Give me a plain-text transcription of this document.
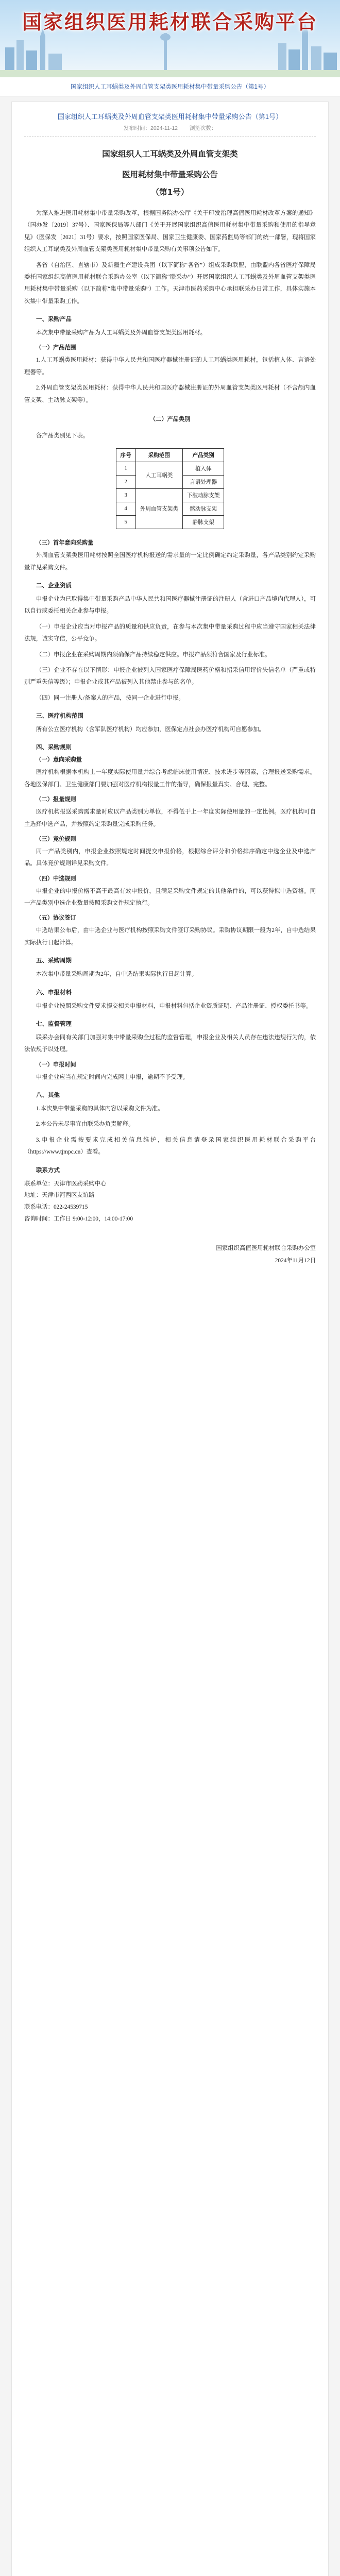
国家组织医用耗材联合采购平台
国家组织人工耳蜗类及外周血管支架类医用耗材集中带量采购公告（第1号）
国家组织人工耳蜗类及外周血管支架类医用耗材集中带量采购公告（第1号）
发布时间：2024-11-12 浏览次数：
国家组织人工耳蜗类及外周血管支架类
医用耗材集中带量采购公告
（第1号）

为深入推进医用耗材集中带量采购改革，根据国务院办公厅《关于印发治理高值医用耗材改革方案的通知》（国办发〔2019〕37号）、国家医保局等八部门《关于开展国家组织高值医用耗材集中带量采购和使用的指导意见》（医保发〔2021〕31号）要求，按照国家医保局、国家卫生健康委、国家药监局等部门的统一部署，现将国家组织人工耳蜗类及外周血管支架类医用耗材集中带量采购有关事项公告如下。

各省（自治区、直辖市）及新疆生产建设兵团（以下简称“各省”）组成采购联盟，由联盟内各省医疗保障局委托国家组织高值医用耗材联合采购办公室（以下简称“联采办”）开展国家组织人工耳蜗类及外周血管支架类医用耗材集中带量采购（以下简称“集中带量采购”）工作。天津市医药采购中心承担联采办日常工作，具体实施本次集中带量采购工作。

一、采购产品

本次集中带量采购产品为人工耳蜗类及外周血管支架类医用耗材。

（一）产品范围

1.人工耳蜗类医用耗材：获得中华人民共和国医疗器械注册证的人工耳蜗类医用耗材，包括植入体、言语处理器等。

2.外周血管支架类医用耗材：获得中华人民共和国医疗器械注册证的外周血管支架类医用耗材（不含颅内血管支架、主动脉支架等）。

（二）产品类别

各产品类别见下表。

序号	采购范围	产品类别
1	人工耳蜗类	植入体
2		言语处理器
3	外周血管支架类	下肢动脉支架
4		髂动脉支架
5		静脉支架
（三）首年意向采购量

外周血管支架类医用耗材按照全国医疗机构报送的需求量的一定比例确定约定采购量，各产品类别约定采购量详见采购文件。

二、企业资质

申报企业为已取得集中带量采购产品中华人民共和国医疗器械注册证的注册人（含进口产品境内代理人），可以自行或委托相关企业参与申报。

（一）申报企业应当对申报产品的质量和供应负责，在参与本次集中带量采购过程中应当遵守国家相关法律法规，诚实守信，公平竞争。

（二）申报企业在采购周期内须确保产品持续稳定供应。申报产品须符合国家及行业标准。

（三）企业不存在以下情形：申报企业被列入国家医疗保障局医药价格和招采信用评价失信名单（严重或特别严重失信等级）；申报企业或其产品被列入其他禁止参与的名单。

（四）同一注册人/备案人的产品，按同一企业进行申报。

三、医疗机构范围

所有公立医疗机构（含军队医疗机构）均应参加，医保定点社会办医疗机构可自愿参加。

四、采购规则
（一）意向采购量

医疗机构根据本机构上一年度实际使用量并综合考虑临床使用情况、技术进步等因素，合理报送采购需求。各地医保部门、卫生健康部门要加强对医疗机构报量工作的指导，确保报量真实、合理、完整。

（二）报量规则

医疗机构报送采购需求量时应以产品类别为单位，不得低于上一年度实际使用量的一定比例。医疗机构可自主选择中选产品，并按照约定采购量完成采购任务。

（三）竞价规则

同一产品类别内，申报企业按照规定时间提交申报价格，根据综合评分和价格排序确定中选企业及中选产品。具体竞价规则详见采购文件。

（四）中选规则

申报企业的申报价格不高于最高有效申报价，且满足采购文件规定的其他条件的，可以获得拟中选资格。同一产品类别中选企业数量按照采购文件规定执行。

（五）协议签订

中选结果公布后，由中选企业与医疗机构按照采购文件签订采购协议。采购协议期限一般为2年，自中选结果实际执行日起计算。

五、采购周期

本次集中带量采购周期为2年，自中选结果实际执行日起计算。

六、申报材料

申报企业按照采购文件要求提交相关申报材料，申报材料包括企业资质证明、产品注册证、授权委托书等。

七、监督管理

联采办会同有关部门加强对集中带量采购全过程的监督管理，申报企业及相关人员存在违法违规行为的，依法依规予以处理。

（一）申报时间

申报企业应当在规定时间内完成网上申报，逾期不予受理。

八、其他

1.本次集中带量采购的具体内容以采购文件为准。

2.本公告未尽事宜由联采办负责解释。

3.申报企业需按要求完成相关信息维护，相关信息请登录国家组织医用耗材联合采购平台（https://www.tjmpc.cn）查看。

联系方式

联系单位：天津市医药采购中心

地址：天津市河西区友谊路

联系电话：022-24539715

咨询时间：工作日 9:00-12:00，14:00-17:00

国家组织高值医用耗材联合采购办公室
2024年11月12日
